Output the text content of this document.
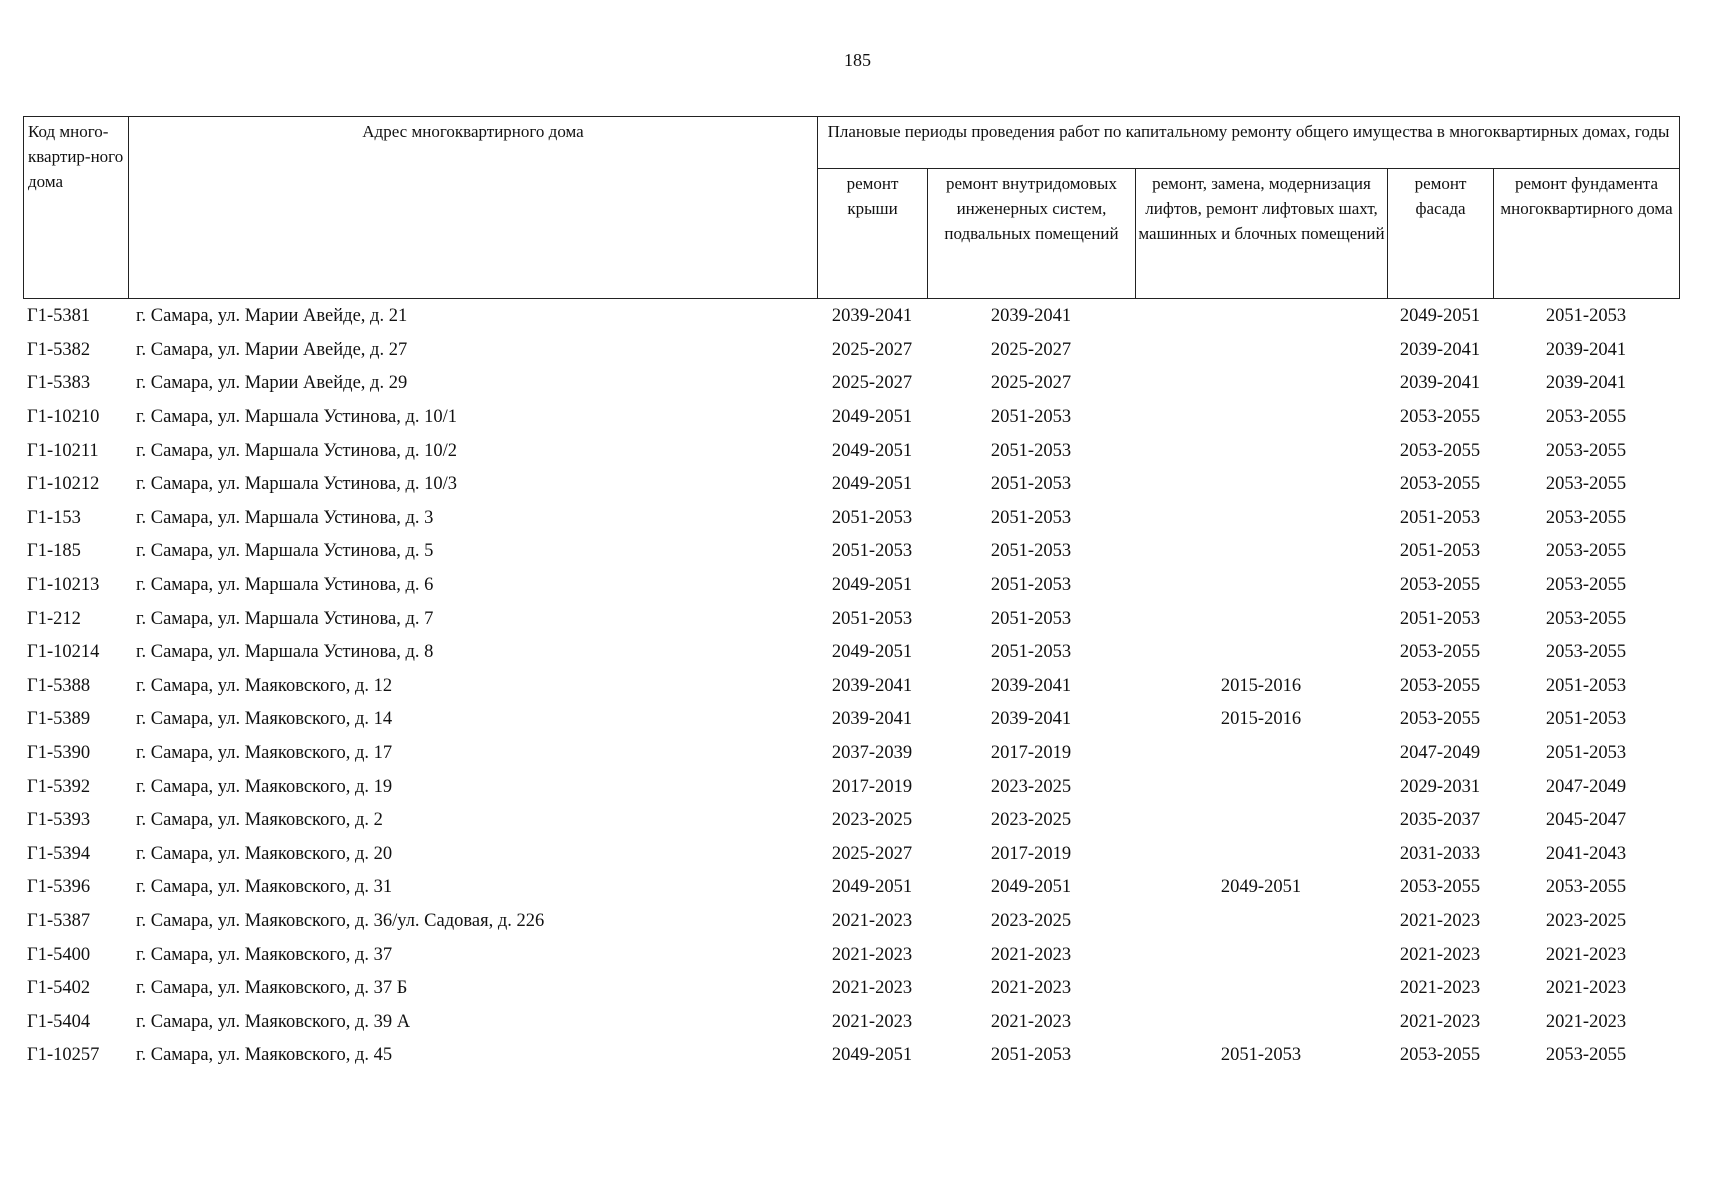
185
Код много-квартир-ного дома	Адрес многоквартирного дома	Плановые периоды проведения работ по капитальному ремонту общего имущества в многоквартирных домах, годы				
		ремонт крыши	ремонт внутридомовых инженерных систем, подвальных помещений	ремонт, замена, модернизация лифтов, ремонт лифтовых шахт, машинных и блочных помещений	ремонт фасада	ремонт фундамента многоквартирного дома
Г1-5381	г. Самара, ул. Марии Авейде, д. 21	2039-2041	2039-2041		2049-2051	2051-2053
Г1-5382	г. Самара, ул. Марии Авейде, д. 27	2025-2027	2025-2027		2039-2041	2039-2041
Г1-5383	г. Самара, ул. Марии Авейде, д. 29	2025-2027	2025-2027		2039-2041	2039-2041
Г1-10210	г. Самара, ул. Маршала Устинова, д. 10/1	2049-2051	2051-2053		2053-2055	2053-2055
Г1-10211	г. Самара, ул. Маршала Устинова, д. 10/2	2049-2051	2051-2053		2053-2055	2053-2055
Г1-10212	г. Самара, ул. Маршала Устинова, д. 10/3	2049-2051	2051-2053		2053-2055	2053-2055
Г1-153	г. Самара, ул. Маршала Устинова, д. 3	2051-2053	2051-2053		2051-2053	2053-2055
Г1-185	г. Самара, ул. Маршала Устинова, д. 5	2051-2053	2051-2053		2051-2053	2053-2055
Г1-10213	г. Самара, ул. Маршала Устинова, д. 6	2049-2051	2051-2053		2053-2055	2053-2055
Г1-212	г. Самара, ул. Маршала Устинова, д. 7	2051-2053	2051-2053		2051-2053	2053-2055
Г1-10214	г. Самара, ул. Маршала Устинова, д. 8	2049-2051	2051-2053		2053-2055	2053-2055
Г1-5388	г. Самара, ул. Маяковского, д. 12	2039-2041	2039-2041	2015-2016	2053-2055	2051-2053
Г1-5389	г. Самара, ул. Маяковского, д. 14	2039-2041	2039-2041	2015-2016	2053-2055	2051-2053
Г1-5390	г. Самара, ул. Маяковского, д. 17	2037-2039	2017-2019		2047-2049	2051-2053
Г1-5392	г. Самара, ул. Маяковского, д. 19	2017-2019	2023-2025		2029-2031	2047-2049
Г1-5393	г. Самара, ул. Маяковского, д. 2	2023-2025	2023-2025		2035-2037	2045-2047
Г1-5394	г. Самара, ул. Маяковского, д. 20	2025-2027	2017-2019		2031-2033	2041-2043
Г1-5396	г. Самара, ул. Маяковского, д. 31	2049-2051	2049-2051	2049-2051	2053-2055	2053-2055
Г1-5387	г. Самара, ул. Маяковского, д. 36/ул. Садовая, д. 226	2021-2023	2023-2025		2021-2023	2023-2025
Г1-5400	г. Самара, ул. Маяковского, д. 37	2021-2023	2021-2023		2021-2023	2021-2023
Г1-5402	г. Самара, ул. Маяковского, д. 37 Б	2021-2023	2021-2023		2021-2023	2021-2023
Г1-5404	г. Самара, ул. Маяковского, д. 39 А	2021-2023	2021-2023		2021-2023	2021-2023
Г1-10257	г. Самара, ул. Маяковского, д. 45	2049-2051	2051-2053	2051-2053	2053-2055	2053-2055
